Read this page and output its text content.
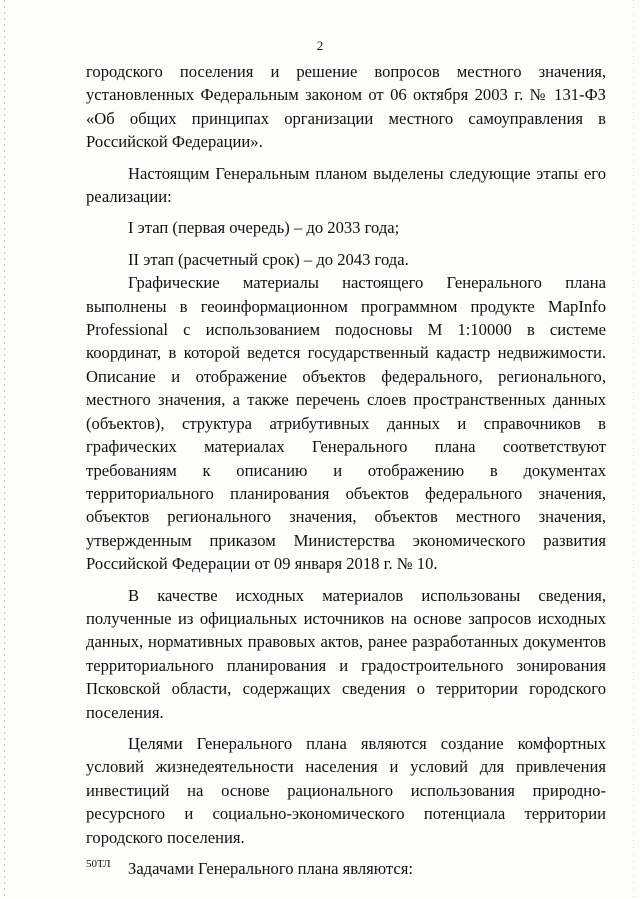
2

городского поселения и решение вопросов местного значения, установленных Федеральным законом от 06 октября 2003 г. № 131-ФЗ «Об общих принципах организации местного самоуправления в Российской Федерации».

Настоящим Генеральным планом выделены следующие этапы его реализации:

I этап (первая очередь) – до 2033 года;

II этап (расчетный срок) – до 2043 года.

Графические материалы настоящего Генерального плана выполнены в геоинформационном программном продукте MapInfo Professional с использованием подосновы М 1:10000 в системе координат, в которой ведется государственный кадастр недвижимости. Описание и отображение объектов федерального, регионального, местного значения, а также перечень слоев пространственных данных (объектов), структура атрибутивных данных и справочников в графических материалах Генерального плана соответствуют требованиям к описанию и отображению в документах территориального планирования объектов федерального значения, объектов регионального значения, объектов местного значения, утвержденным приказом Министерства экономического развития Российской Федерации от 09 января 2018 г. № 10.

В качестве исходных материалов использованы сведения, полученные из официальных источников на основе запросов исходных данных, нормативных правовых актов, ранее разработанных документов территориального планирования и градостроительного зонирования Псковской области, содержащих сведения о территории городского поселения.

Целями Генерального плана являются создание комфортных условий жизнедеятельности населения и условий для привлечения инвестиций на основе рационального использования природно-ресурсного и социально-экономического потенциала территории городского поселения.

Задачами Генерального плана являются:

50ТЛ
